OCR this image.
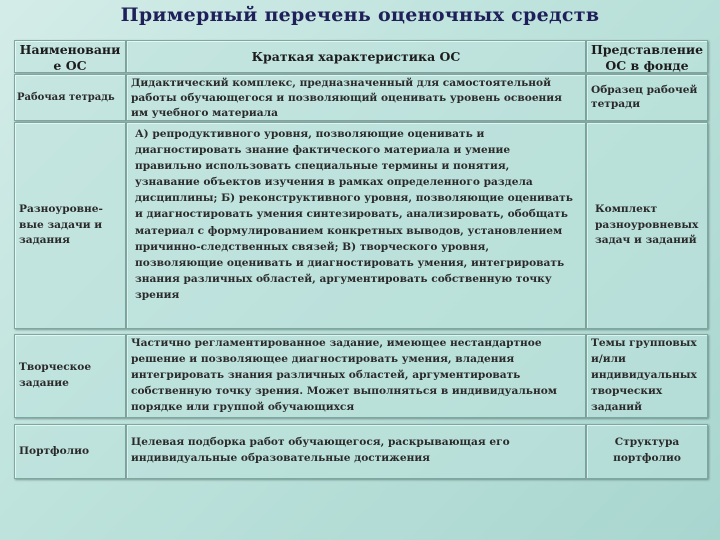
Примерный перечень оценочных средств
Наименовани е ОС
Краткая характеристика ОС	Представление ОС в фонде
Рабочая тетрадь
Дидактический комплекс, предназначенный для самостоятельной работы обучающегося и позволяющий оценивать уровень освоения им учебного материала
Образец рабочей тетради
Разноуровне-вые задачи и задания
А) репродуктивного уровня, позволяющие оценивать и диагностировать знание фактического материала и умение правильно использовать специальные термины и понятия, узнавание объектов изучения в рамках определенного раздела дисциплины; Б) реконструктивного уровня, позволяющие оценивать и диагностировать умения синтезировать, анализировать, обобщать материал с формулированием конкретных выводов, установлением причинно-следственных связей; В) творческого уровня, позволяющие оценивать и диагностировать умения, интегрировать знания различных областей, аргументировать собственную точку зрения
Комплект разноуровневых задач и заданий
Творческое задание
Частично регламентированное задание, имеющее нестандартное решение и позволяющее диагностировать умения, владения интегрировать знания различных областей, аргументировать собственную точку зрения. Может выполняться в индивидуальном порядке или группой обучающихся
Темы групповых и/или индивидуальных творческих заданий
Портфолио
Целевая подборка работ обучающегося, раскрывающая его индивидуальные образовательные достижения
Структура портфолио
